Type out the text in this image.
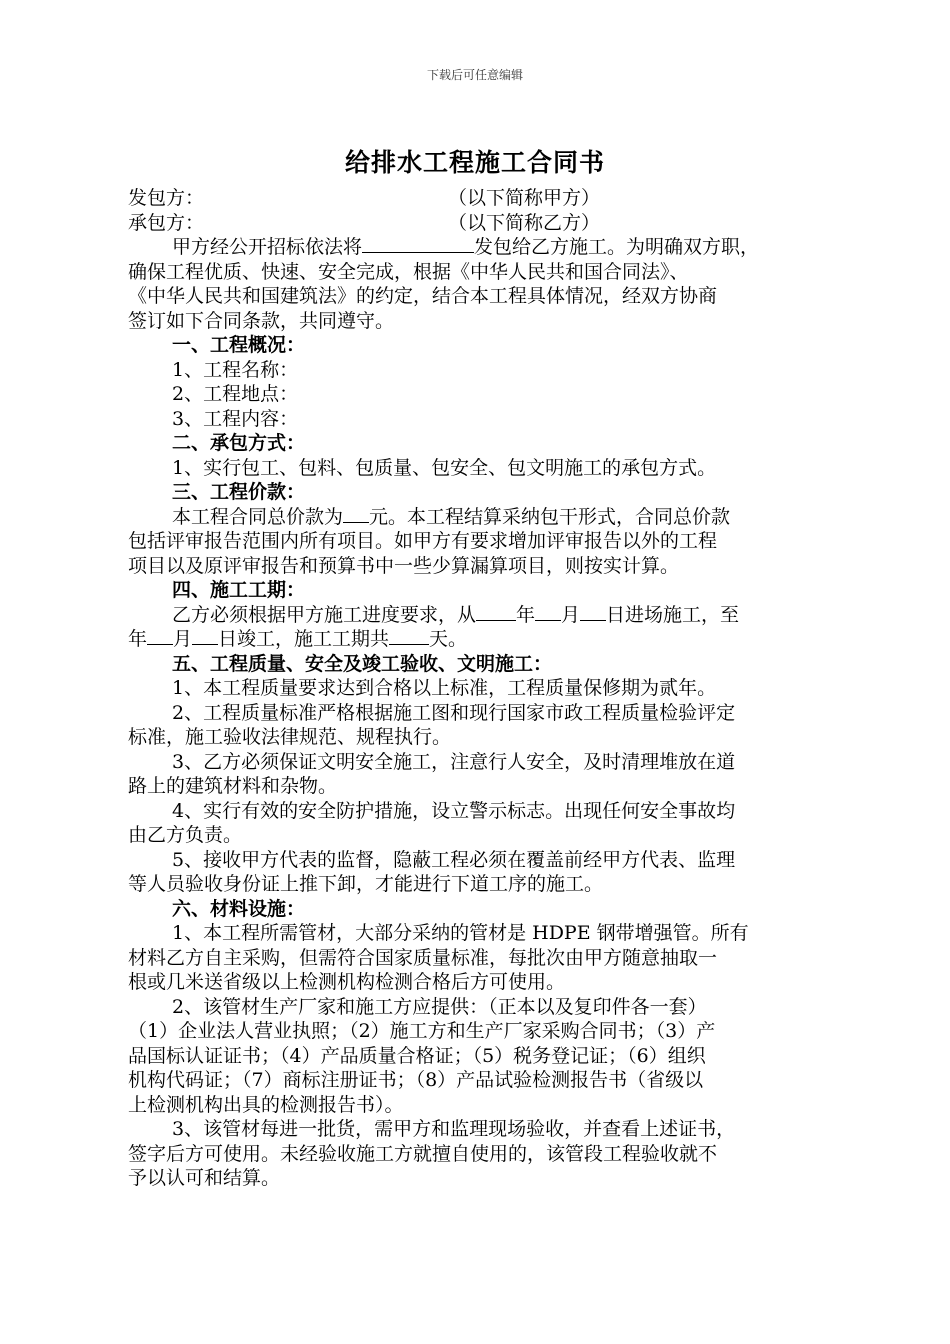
下载后可任意编辑
给排水工程施工合同书
发包方：	（以下简称甲方）
承包方：	（以下简称乙方）
甲方经公开招标依法将	发包给乙方施工。为明确双方职，
确保工程优质、快速、安全完成，根据《中华人民共和国合同法》、
《中华人民共和国建筑法》的约定，结合本工程具体情况，经双方协商
签订如下合同条款，共同遵守。
一、工程概况：
1、工程名称：
2、工程地点：
3、工程内容：
二、承包方式：
1、实行包工、包料、包质量、包安全、包文明施工的承包方式。
三、工程价款：
本工程合同总价款为 元。本工程结算采纳包干形式，合同总价款
包括评审报告范围内所有项目。如甲方有要求增加评审报告以外的工程
项目以及原评审报告和预算书中一些少算漏算项目，则按实计算。
四、施工工期：
乙方必须根据甲方施工进度要求，从 年 月 日进场施工，至
年 月 日竣工，施工工期共 天。
五、工程质量、安全及竣工验收、文明施工：
1、本工程质量要求达到合格以上标准，工程质量保修期为贰年。
2、工程质量标准严格根据施工图和现行国家市政工程质量检验评定
标准，施工验收法律规范、规程执行。
3、乙方必须保证文明安全施工，注意行人安全，及时清理堆放在道
路上的建筑材料和杂物。
4、实行有效的安全防护措施，设立警示标志。出现任何安全事故均
由乙方负责。
5、接收甲方代表的监督，隐蔽工程必须在覆盖前经甲方代表、监理
等人员验收身份证上推下卸，才能进行下道工序的施工。
六、材料设施：
1、本工程所需管材，大部分采纳的管材是 HDPE 钢带增强管。所有
材料乙方自主采购，但需符合国家质量标准，每批次由甲方随意抽取一
根或几米送省级以上检测机构检测合格后方可使用。
2、该管材生产厂家和施工方应提供：（正本以及复印件各一套）
（1）企业法人营业执照；（2）施工方和生产厂家采购合同书；（3）产
品国标认证证书；（4）产品质量合格证；（5）税务登记证；（6）组织
机构代码证；（7）商标注册证书；（8）产品试验检测报告书（省级以
上检测机构出具的检测报告书）。
3、该管材每进一批货，需甲方和监理现场验收，并查看上述证书，
签字后方可使用。未经验收施工方就擅自使用的，该管段工程验收就不
予以认可和结算。
